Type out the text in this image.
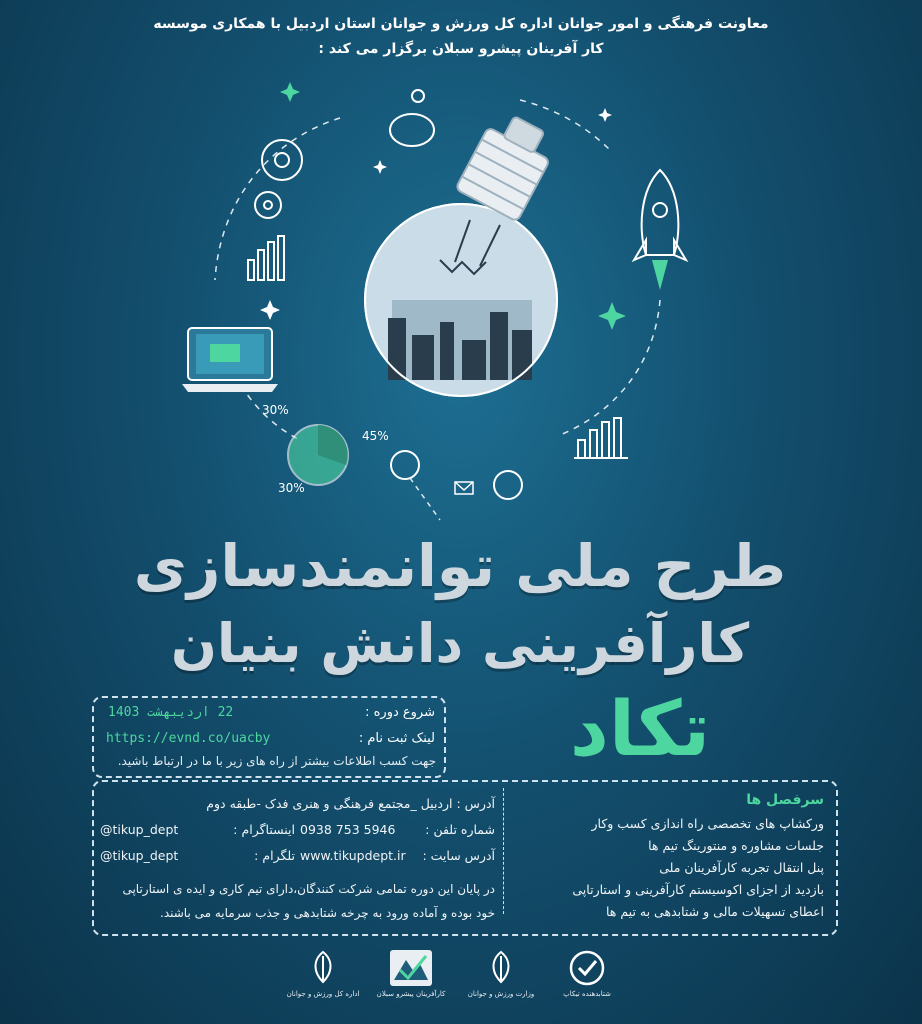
معاونت فرهنگی و امور جوانان اداره کل ورزش و جوانان استان اردبیل با همکاری موسسه
کار آفرینان پیشرو سبلان برگزار می کند :
30%
45%
30%
طرح ملی توانمندسازی
کارآفرینی دانش بنیان
تکاد
شروع دوره :
22 اردیبهشت 1403
لینک ثبت نام :
https://evnd.co/uacby
جهت کسب اطلاعات بیشتر از راه های زیر با ما در ارتباط باشید.
آدرس : اردبیل _مجتمع فرهنگی و هنری فدک -طبقه دوم
شماره تلفن :
0938 753 5946
اینستاگرام :
@tikup_dept
آدرس سایت :
www.tikupdept.ir
تلگرام :
@tikup_dept
در پایان این دوره تمامی شرکت کنندگان،دارای تیم کاری و ایده ی استارتاپی
خود بوده و آماده ورود به چرخه شتابدهی و جذب سرمایه می باشند.
سرفصل ها
ورکشاپ های تخصصی راه اندازی کسب وکار
جلسات مشاوره و منتورینگ تیم ها
پنل انتقال تجربه کارآفرینان ملی
بازدید از اجزای اکوسیستم کارآفرینی و استارتاپی
اعطای تسهیلات مالی و شتابدهی به تیم ها
اداره کل ورزش و جوانان کارآفرینان پیشرو سبلان	وزارت ورزش و جوانان	شتابدهنده تیکاپ
